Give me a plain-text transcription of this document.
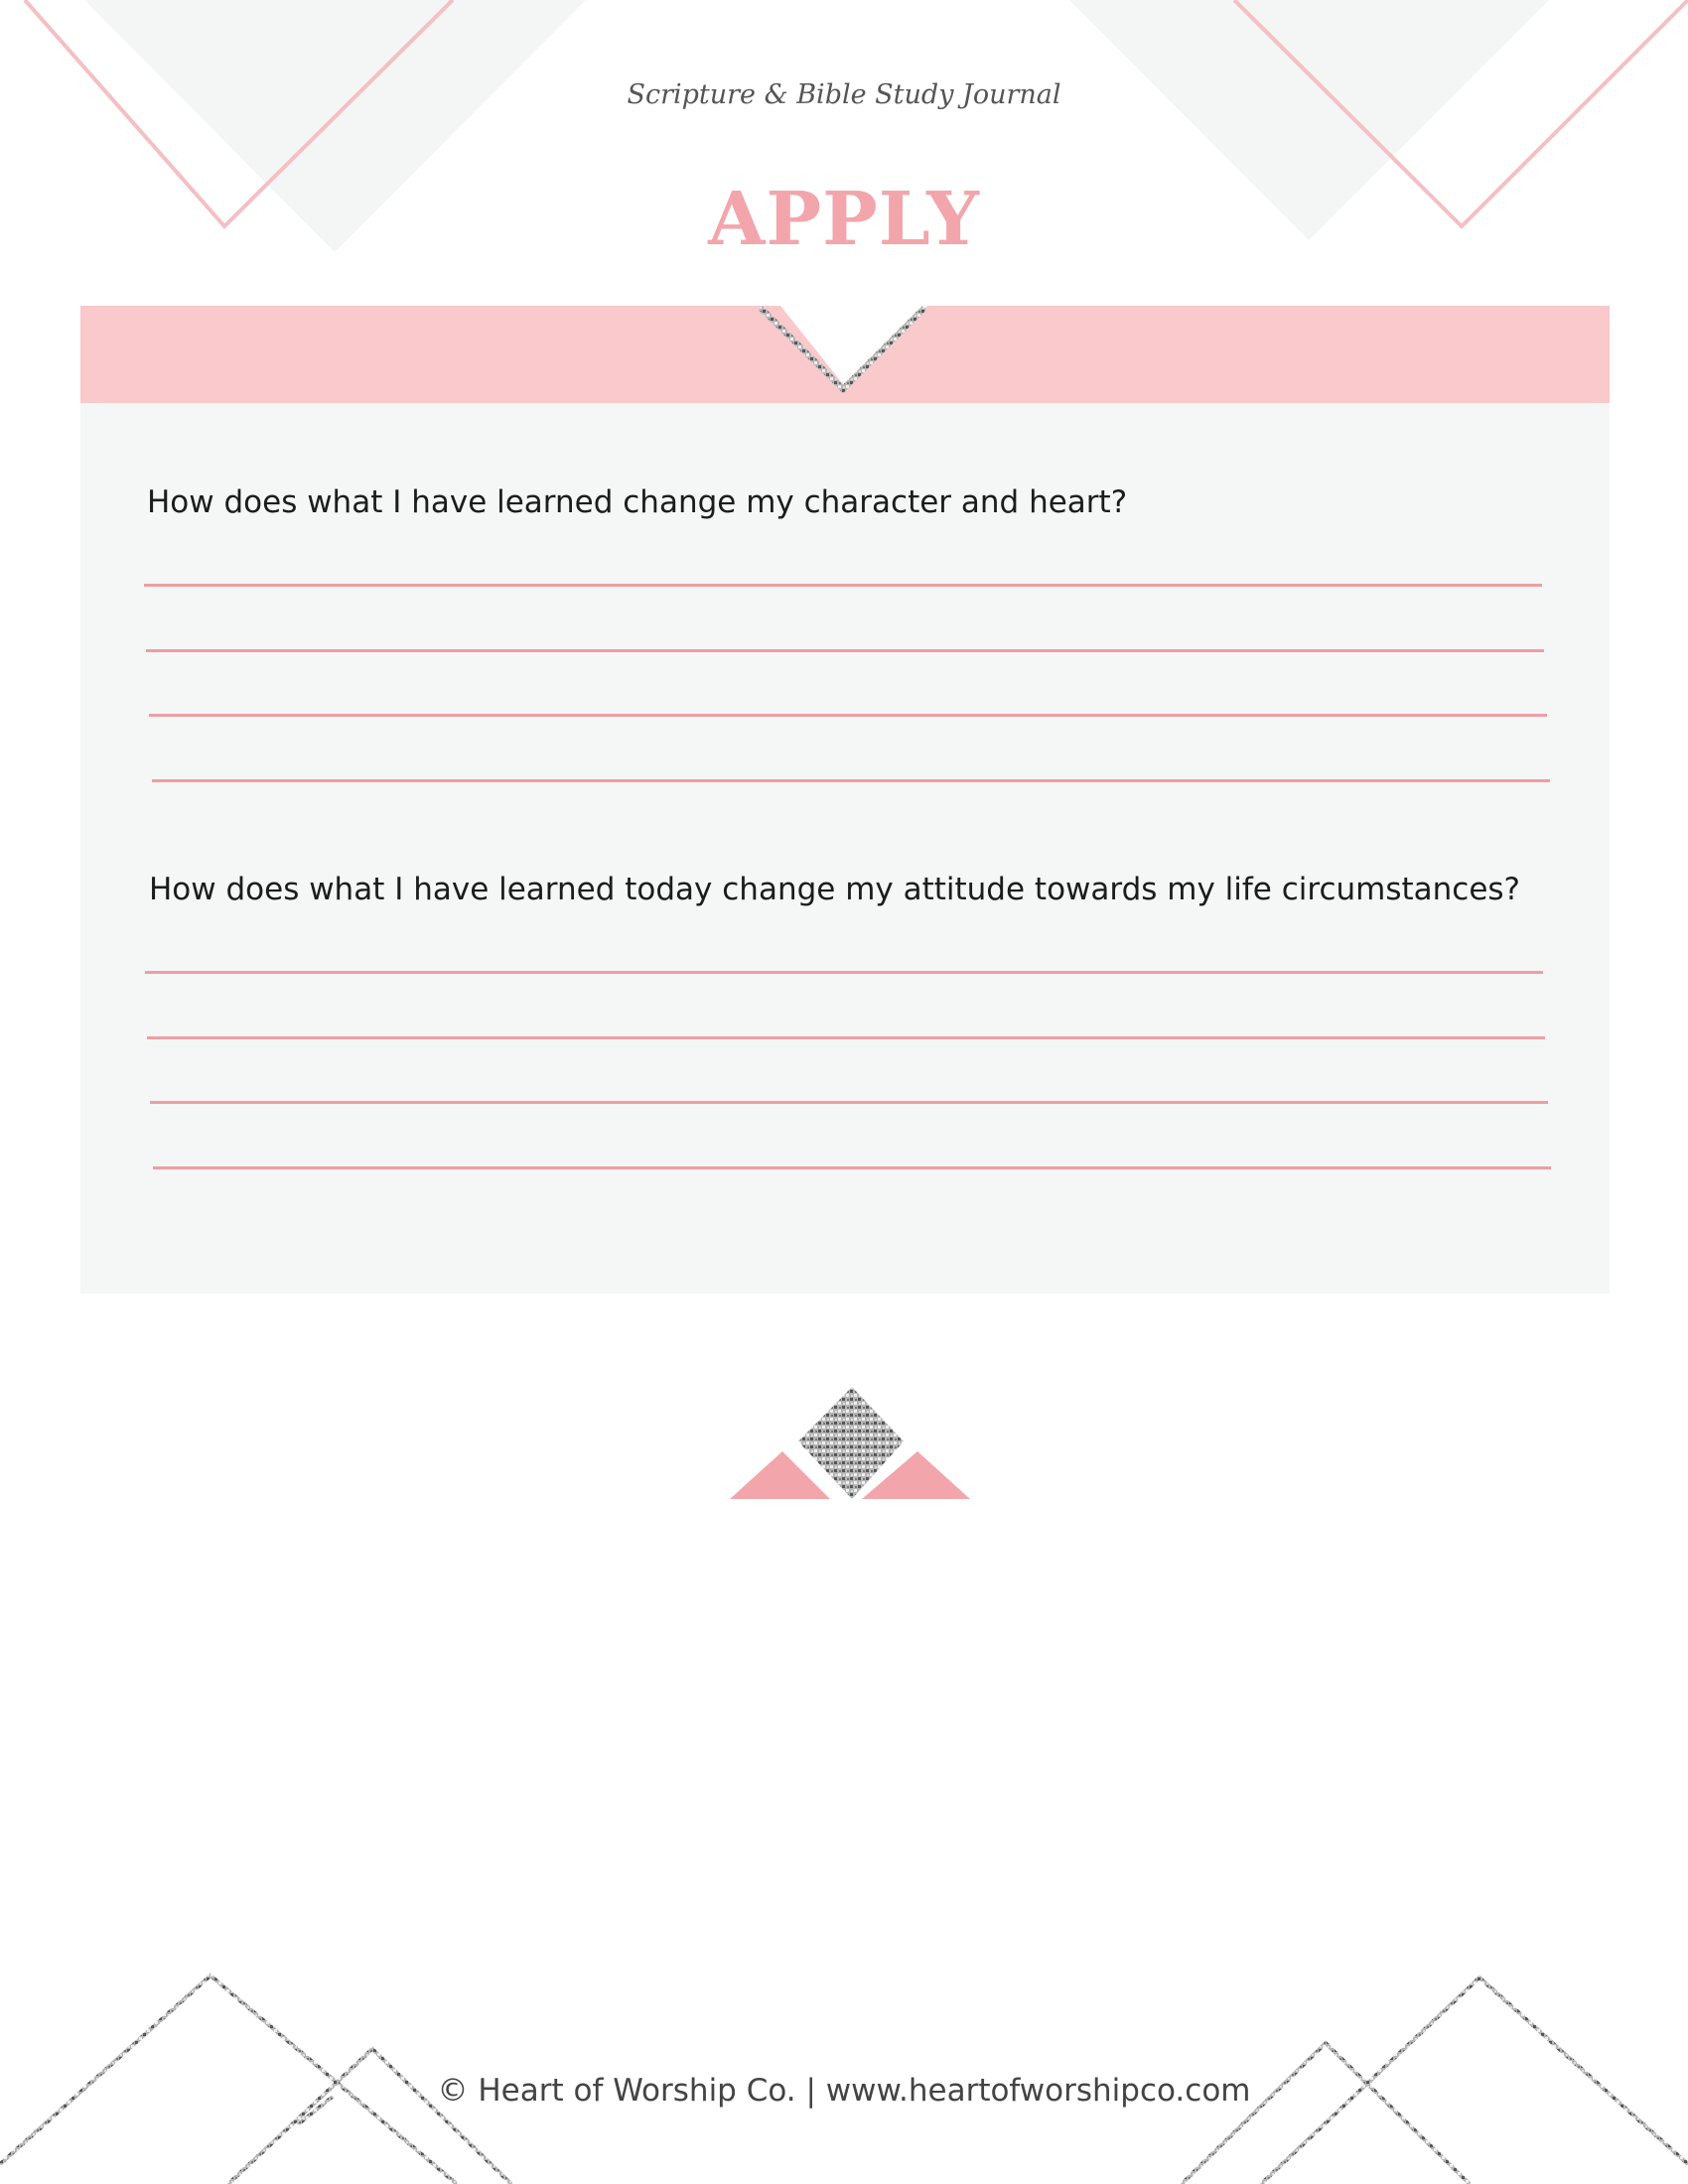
Scripture & Bible Study Journal

APPLY

How does what I have learned change my character and heart?

How does what I have learned today change my attitude towards my life circumstances?

© Heart of Worship Co. | www.heartofworshipco.com
